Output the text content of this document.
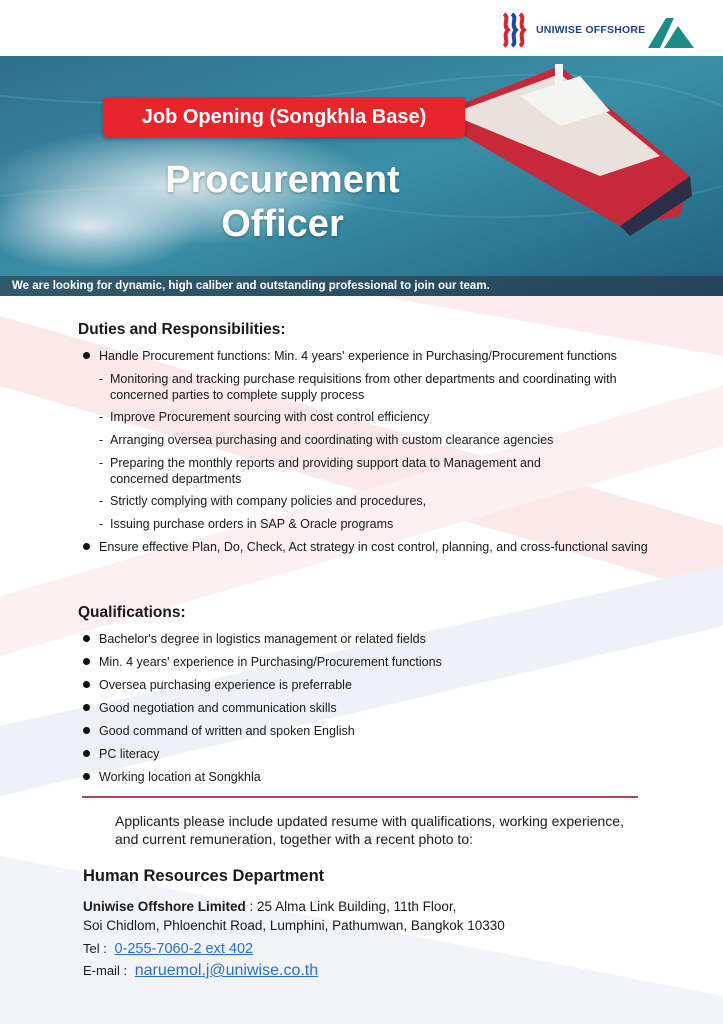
UNIWISE OFFSHORE
Job Opening (Songkhla Base)
Procurement
Officer
We are looking for dynamic, high caliber and outstanding professional to join our team.
Duties and Responsibilities:
Handle Procurement functions: Min. 4 years' experience in Purchasing/Procurement functions
- Monitoring and tracking purchase requisitions from other departments and coordinating with concerned parties to complete supply process
- Improve Procurement sourcing with cost control efficiency
- Arranging oversea purchasing and coordinating with custom clearance agencies
- Preparing the monthly reports and providing support data to Management and concerned departments
- Strictly complying with company policies and procedures,
- Issuing purchase orders in SAP & Oracle programs
Ensure effective Plan, Do, Check, Act strategy in cost control, planning, and cross-functional saving
Qualifications:
Bachelor's degree in logistics management or related fields
Min. 4 years' experience in Purchasing/Procurement functions
Oversea purchasing experience is preferrable
Good negotiation and communication skills
Good command of written and spoken English
PC literacy
Working location at Songkhla
Applicants please include updated resume with qualifications, working experience, and current remuneration, together with a recent photo to:
Human Resources Department
Uniwise Offshore Limited : 25 Alma Link Building, 11th Floor,
Soi Chidlom, Phloenchit Road, Lumphini, Pathumwan, Bangkok 10330
Tel : 0-255-7060-2 ext 402
E-mail : naruemol.j@uniwise.co.th
